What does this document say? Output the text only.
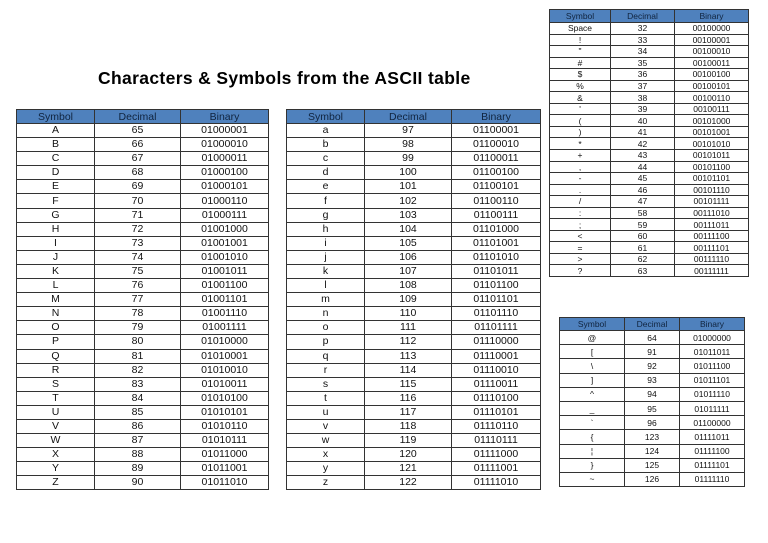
Characters & Symbols from the ASCII table
Symbol	Decimal	Binary
A	65	01000001
B	66	01000010
C	67	01000011
D	68	01000100
E	69	01000101
F	70	01000110
G	71	01000111
H	72	01001000
I	73	01001001
J	74	01001010
K	75	01001011
L	76	01001100
M	77	01001101
N	78	01001110
O	79	01001111
P	80	01010000
Q	81	01010001
R	82	01010010
S	83	01010011
T	84	01010100
U	85	01010101
V	86	01010110
W	87	01010111
X	88	01011000
Y	89	01011001
Z	90	01011010
Symbol	Decimal	Binary
a	97	01100001
b	98	01100010
c	99	01100011
d	100	01100100
e	101	01100101
f	102	01100110
g	103	01100111
h	104	01101000
i	105	01101001
j	106	01101010
k	107	01101011
l	108	01101100
m	109	01101101
n	110	01101110
o	111	01101111
p	112	01110000
q	113	01110001
r	114	01110010
s	115	01110011
t	116	01110100
u	117	01110101
v	118	01110110
w	119	01110111
x	120	01111000
y	121	01111001
z	122	01111010
Symbol	Decimal	Binary
Space	32	00100000
!	33	00100001
"	34	00100010
#	35	00100011
$	36	00100100
%	37	00100101
&	38	00100110
'	39	00100111
(	40	00101000
)	41	00101001
*	42	00101010
+	43	00101011
,	44	00101100
-	45	00101101
.	46	00101110
/	47	00101111
:	58	00111010
;	59	00111011
<	60	00111100
=	61	00111101
>	62	00111110
?	63	00111111
Symbol	Decimal	Binary
@	64	01000000
[	91	01011011
\	92	01011100
]	93	01011101
^	94	01011110
_	95	01011111
`	96	01100000
{	123	01111011
¦	124	01111100
}	125	01111101
~	126	01111110
